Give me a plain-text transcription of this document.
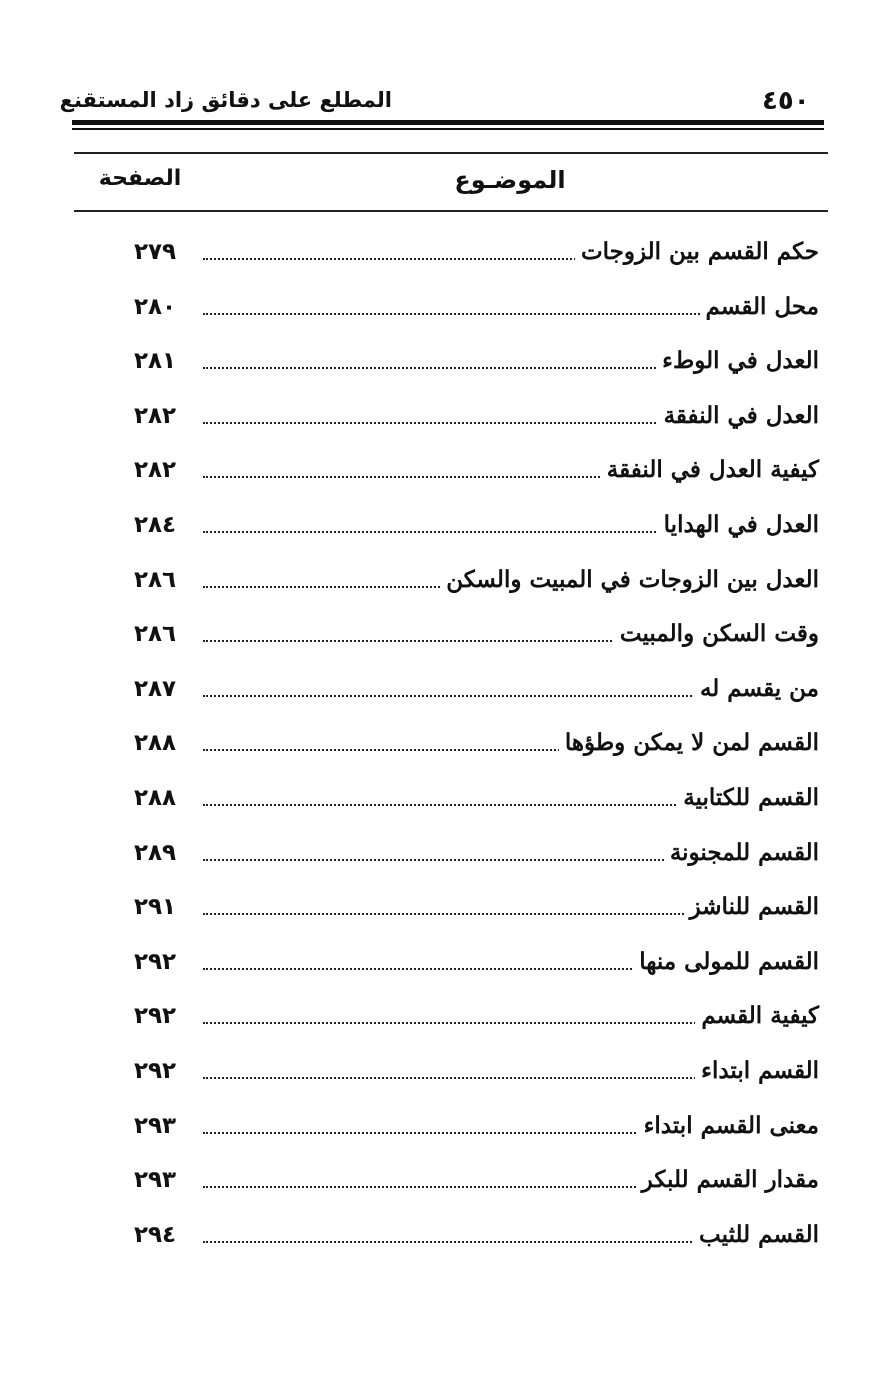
٤٥٠
المطلع على دقائق زاد المستقنع
الموضـوع
الصفحة
حكم القسم بين الزوجات
٢٧٩
محل القسم
٢٨٠
العدل في الوطء
٢٨١
العدل في النفقة
٢٨٢
كيفية العدل في النفقة
٢٨٢
العدل في الهدايا
٢٨٤
العدل بين الزوجات في المبيت والسكن
٢٨٦
وقت السكن والمبيت
٢٨٦
من يقسم له
٢٨٧
القسم لمن لا يمكن وطؤها
٢٨٨
القسم للكتابية
٢٨٨
القسم للمجنونة
٢٨٩
القسم للناشز
٢٩١
القسم للمولى منها
٢٩٢
كيفية القسم
٢٩٢
القسم ابتداء
٢٩٢
معنى القسم ابتداء
٢٩٣
مقدار القسم للبكر
٢٩٣
القسم للثيب
٢٩٤
